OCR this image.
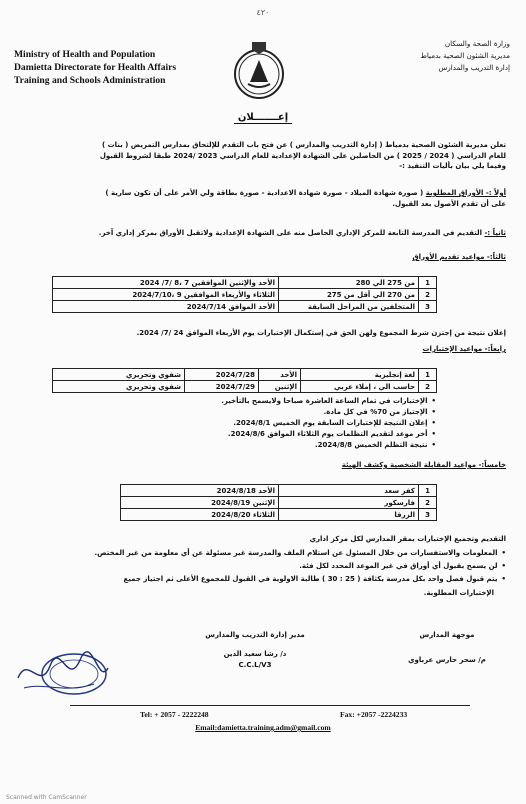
٤٢٠
Ministry of Health and Population
Damietta Directorate for Health Affairs
Training and Schools Administration
وزارة الصحة والسكان
مديرية الشئون الصحية بدمياط
إدارة التدريب والمدارس
إعـــــــلان
تعلن مديرية الشئون الصحية بدمياط ( إدارة التدريب والمدارس ) عن فتح باب التقدم للإلتحاق بمدارس التمريض ( بنات )
للعام الدراسي ( 2024 / 2025 ) من الحاصلين على الشهادة الإعدادية للعام الدراسي 2023 /2024 طبقا لشروط القبول
وفيما يلي بيان بأليات التنفيذ :-
أولاً :- الأوراق المطلوبة ( صورة شهادة الميلاد - صورة شهادة الاعدادية - صورة بطاقة ولي الأمر على أن تكون سارية )
على أن تقدم الأصول بعد القبول.
ثانياً :- التقديم في المدرسة التابعة للمركز الإداري الحاصل منه على الشهادة الإعدادية ولاتقبل الأوراق بمركز إداري آخر.
ثالثاً:- مواعيد تقديم الأوراق
1	من 275 الي 280	الأحد والإثنين الموافقين 7 ،8 /7/ 2024
2	من 270 الي أقل من 275	الثلاثاء والأربعاء الموافقين 9 ،2024/7/10
3	المتخلفين من المراحل السابقة	الأحد الموافق 2024/7/14
إعلان نتيجة من إجتزن شرط المجموع ولهن الحق في إستكمال الإختبارات يوم الأربعاء الموافق 24 /7/ 2024.
رابعاً:- مواعيد الإختبارات
1	لغة إنجليزية	الأحد	2024/7/28	شفوي وتحريري
2	حاسب الي ، إملاء عربي	الإثنين	2024/7/29	شفوي وتحريري
• الإختبارات في تمام الساعة العاشرة صباحا ولايسمح بالتأخير.
• الإجتياز من 70% في كل مادة.
• إعلان النتيجة للإختبارات السابقة يوم الخميس 2024/8/1.
• أخر موعد لتقديم التظلمات يوم الثلاثاء الموافق 2024/8/6.
• نتيجة التظلم الخميس 2024/8/8.
خامساً:- مواعيد المقابلة الشخصية وكشف الهيئة
1	كفر سعد	الأحد 2024/8/18
2	فارسكور	الإثنين 2024/8/19
3	الزرقا	الثلاثاء 2024/8/20
التقديم وتجميع الإختبارات بمقر المدارس لكل مركز اداري
• المعلومات والاستفسارات من خلال المسئول عن استلام الملف والمدرسة غير مسئولة عن أي معلومة من غير المختص.
• لن يسمح بقبول أي أوراق في غير الموعد المحدد لكل فئة.
• يتم قبول فصل واحد بكل مدرسة بكثافة ( 25 : 30 ) طالبة الاولوية في القبول للمجموع الأعلى ثم اجتياز جميع
الإختبارات المطلوبة.
موجهة المدارس
م/ سحر حارس عرباوي
مدير إدارة التدريب والمدارس
د/ رشا سعيد الدين
C.C.L/V3
Tel: + 2057 - 2222248	Fax: +2057 -2224233
Email:damietta.training.adm@gmail.com
Scanned with CamScanner
